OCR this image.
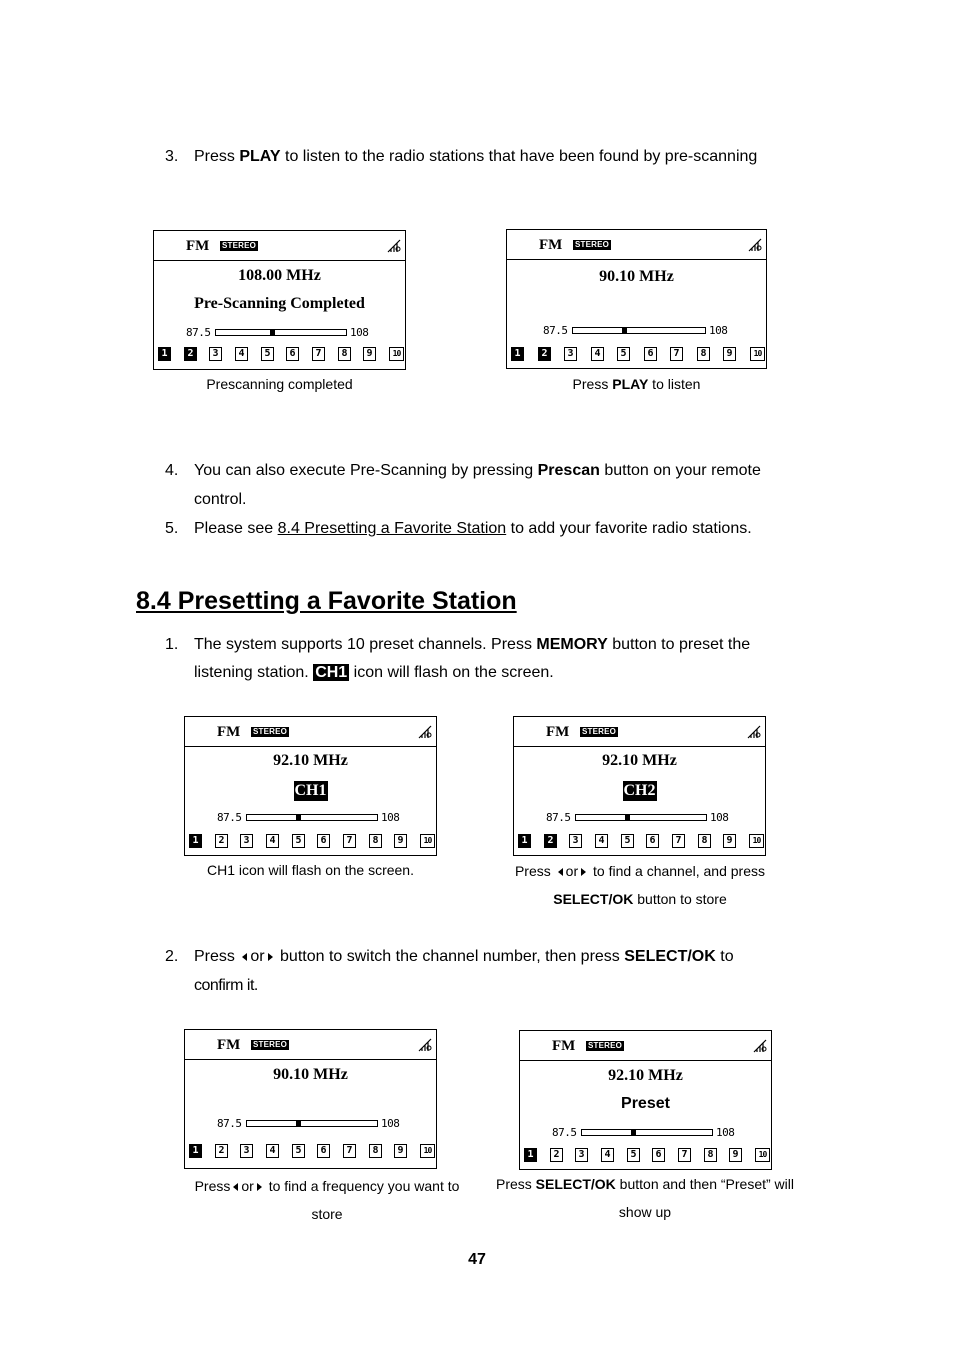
3. Press PLAY to listen to the radio stations that have been found by pre-scanning
FM STEREO
108.00 MHz
Pre-Scanning Completed
87.5	108
1	2	3	4	5	6	7	8	9	10
Prescanning completed
FM STEREO
90.10 MHz
87.5	108
1	2	3	4	5	6	7	8	9	10
Press PLAY to listen
4. You can also execute Pre-Scanning by pressing Prescan button on your remote
control.
5. Please see 8.4 Presetting a Favorite Station to add your favorite radio stations.
8.4 Presetting a Favorite Station
1. The system supports 10 preset channels. Press MEMORY button to preset the
listening station. CH1 icon will flash on the screen.
FM STEREO
92.10 MHz
CH1
87.5	108
1	2	3	4	5	6	7	8	9	10
CH1 icon will flash on the screen.
FM STEREO
92.10 MHz
CH2
87.5	108
1	2	3	4	5	6	7	8	9	10
Press or to find a channel, and press
SELECT/OK button to store
2. Press or button to switch the channel number, then press SELECT/OK to
confirm it.
FM STEREO
90.10 MHz
87.5	108
1	2	3	4	5	6	7	8	9	10
Press or to find a frequency you want to
store
FM STEREO
92.10 MHz
Preset
87.5	108
1	2	3	4	5	6	7	8	9	10
Press SELECT/OK button and then “Preset” will
show up
47
